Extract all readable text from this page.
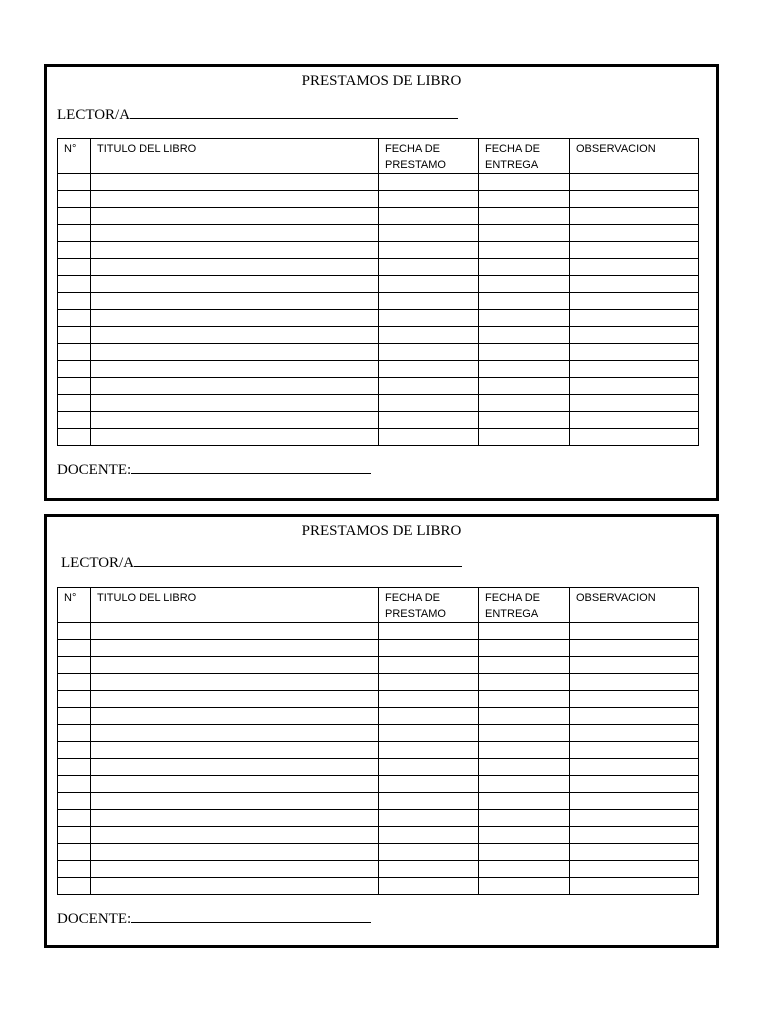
PRESTAMOS DE LIBRO
LECTOR/A
N°	TITULO DEL LIBRO	FECHA DE PRESTAMO	FECHA DE ENTREGA	OBSERVACION

DOCENTE:
PRESTAMOS DE LIBRO
LECTOR/A
N°	TITULO DEL LIBRO	FECHA DE PRESTAMO	FECHA DE ENTREGA	OBSERVACION

DOCENTE:
